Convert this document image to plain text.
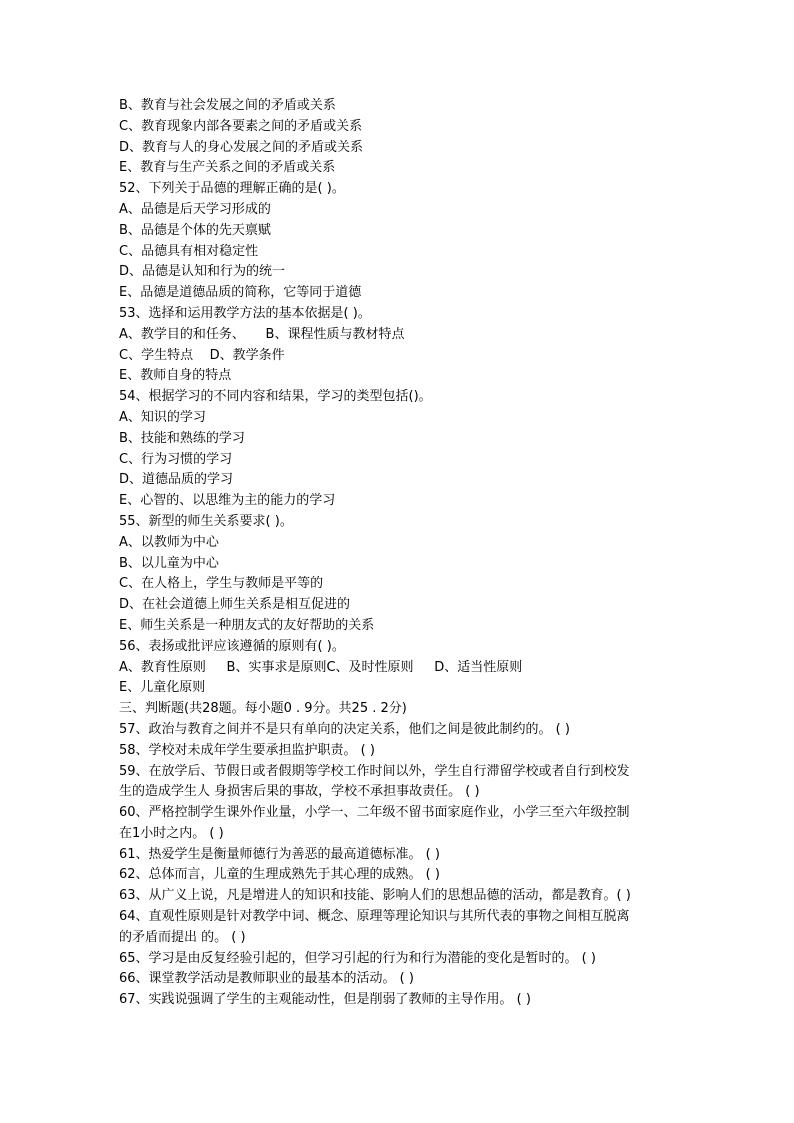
B、教育与社会发展之间的矛盾或关系
C、教育现象内部各要素之间的矛盾或关系
D、教育与人的身心发展之间的矛盾或关系
E、教育与生产关系之间的矛盾或关系
52、下列关于品德的理解正确的是( )。
A、品德是后天学习形成的
B、品德是个体的先天禀赋
C、品德具有相对稳定性
D、品德是认知和行为的统一
E、品德是道德品质的简称，它等同于道德
53、选择和运用教学方法的基本依据是( )。
A、教学目的和任务、     B、课程性质与教材特点
C、学生特点    D、教学条件
E、教师自身的特点
54、根据学习的不同内容和结果，学习的类型包括()。
A、知识的学习
B、技能和熟练的学习
C、行为习惯的学习
D、道德品质的学习
E、心智的、以思维为主的能力的学习
55、新型的师生关系要求( )。
A、以教师为中心
B、以儿童为中心
C、在人格上，学生与教师是平等的
D、在社会道德上师生关系是相互促进的
E、师生关系是一种朋友式的友好帮助的关系
56、表扬或批评应该遵循的原则有( )。
A、教育性原则     B、实事求是原则C、及时性原则     D、适当性原则
E、儿童化原则
三、判断题(共28题。每小题0 . 9分。共25 . 2分)
57、政治与教育之间并不是只有单向的决定关系，他们之间是彼此制约的。 ( )
58、学校对未成年学生要承担监护职责。 ( )
59、在放学后、节假日或者假期等学校工作时间以外，学生自行滞留学校或者自行到校发
生的造成学生人 身损害后果的事故，学校不承担事故责任。 ( )
60、严格控制学生课外作业量，小学一、二年级不留书面家庭作业，小学三至六年级控制
在1小时之内。 ( )
61、热爱学生是衡量师德行为善恶的最高道德标准。 ( )
62、总体而言，儿童的生理成熟先于其心理的成熟。 ( )
63、从广义上说，凡是增进人的知识和技能、影响人们的思想品德的活动，都是教育。( )
64、直观性原则是针对教学中词、概念、原理等理论知识与其所代表的事物之间相互脱离
的矛盾而提出 的。 ( )
65、学习是由反复经验引起的，但学习引起的行为和行为潜能的变化是暂时的。 ( )
66、课堂教学活动是教师职业的最基本的活动。 ( )
67、实践说强调了学生的主观能动性，但是削弱了教师的主导作用。 ( )
